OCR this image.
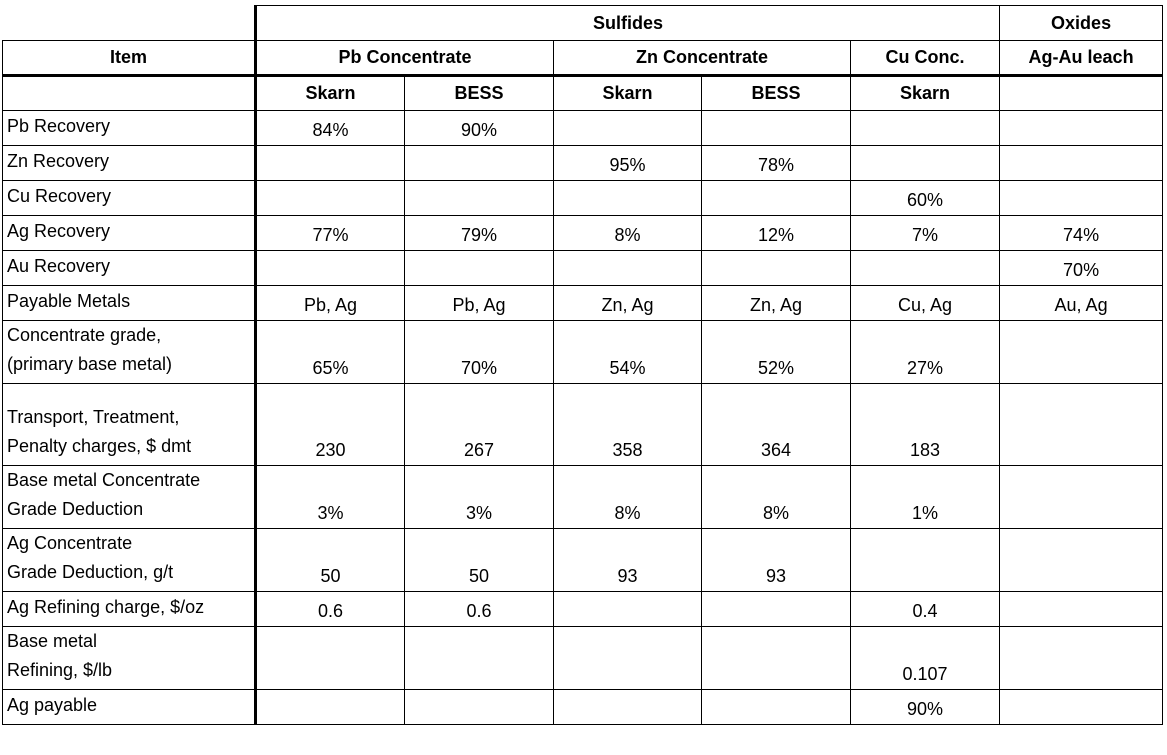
	Sulfides					Oxides
Item	Pb Concentrate		Zn Concentrate		Cu Conc.	Ag-Au leach
	Skarn	BESS	Skarn	BESS	Skarn	
Pb Recovery	84%	90%				
Zn Recovery			95%	78%		
Cu Recovery					60%	
Ag Recovery	77%	79%	8%	12%	7%	74%
Au Recovery						70%
Payable Metals	Pb, Ag	Pb, Ag	Zn, Ag	Zn, Ag	Cu, Ag	Au, Ag

Concentrate grade,
(primary base metal)	65%	70%	54%	52%	27%	

Transport, Treatment,
Penalty charges, $ dmt	230	267	358	364	183	

Base metal Concentrate
Grade Deduction	3%	3%	8%	8%	1%	

Ag Concentrate
Grade Deduction, g/t	50	50	93	93		
Ag Refining charge, $/oz	0.6	0.6			0.4	

Base metal
Refining, $/lb					0.107	
Ag payable					90%	
